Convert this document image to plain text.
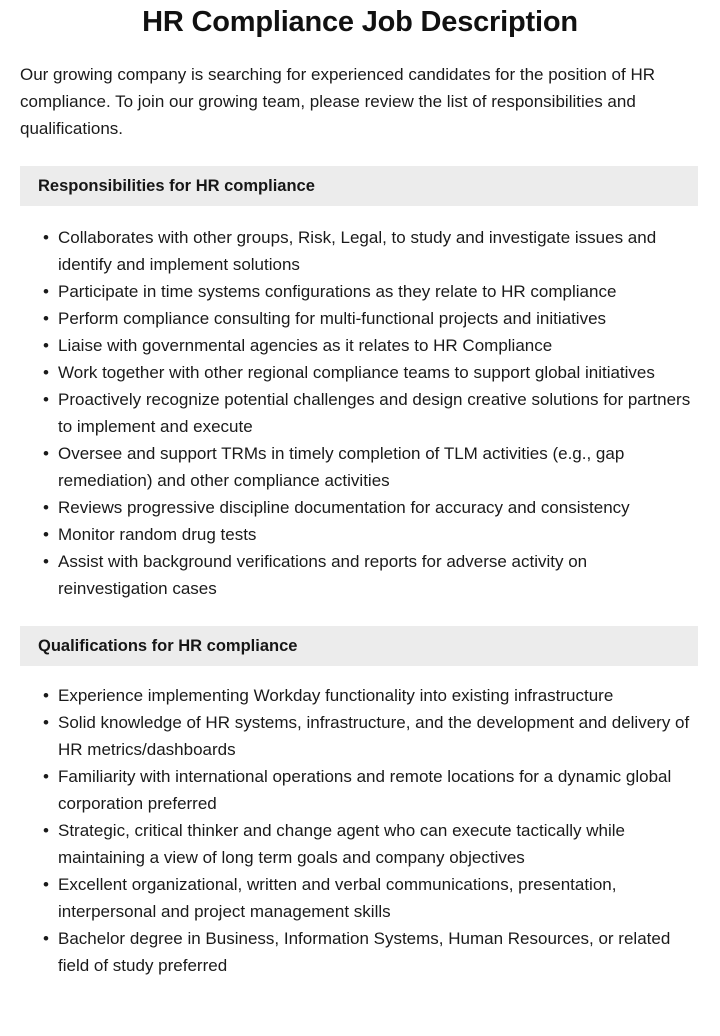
HR Compliance Job Description

Our growing company is searching for experienced candidates for the position of HR compliance. To join our growing team, please review the list of responsibilities and qualifications.

Responsibilities for HR compliance
• Collaborates with other groups, Risk, Legal, to study and investigate issues and identify and implement solutions
• Participate in time systems configurations as they relate to HR compliance
• Perform compliance consulting for multi-functional projects and initiatives
• Liaise with governmental agencies as it relates to HR Compliance
• Work together with other regional compliance teams to support global initiatives
• Proactively recognize potential challenges and design creative solutions for partners to implement and execute
• Oversee and support TRMs in timely completion of TLM activities (e.g., gap remediation) and other compliance activities
• Reviews progressive discipline documentation for accuracy and consistency
• Monitor random drug tests
• Assist with background verifications and reports for adverse activity on reinvestigation cases
Qualifications for HR compliance
• Experience implementing Workday functionality into existing infrastructure
• Solid knowledge of HR systems, infrastructure, and the development and delivery of HR metrics/dashboards
• Familiarity with international operations and remote locations for a dynamic global corporation preferred
• Strategic, critical thinker and change agent who can execute tactically while maintaining a view of long term goals and company objectives
• Excellent organizational, written and verbal communications, presentation, interpersonal and project management skills
• Bachelor degree in Business, Information Systems, Human Resources, or related field of study preferred
